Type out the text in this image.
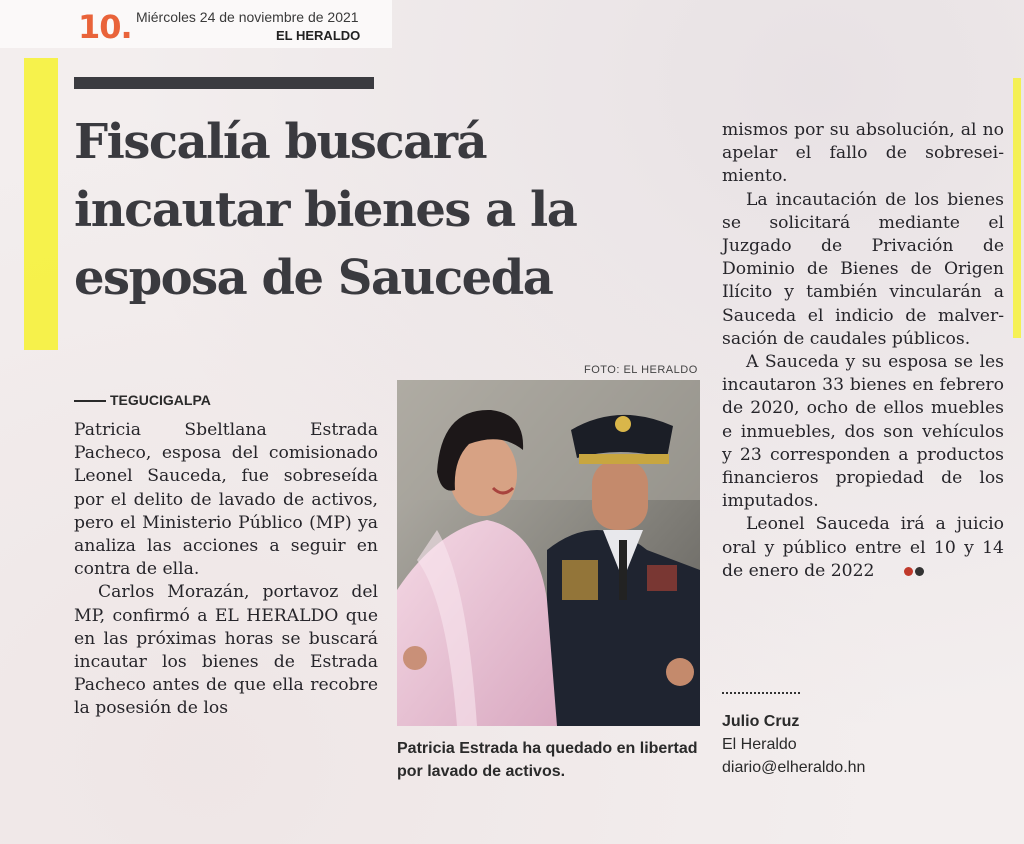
10. Miércoles 24 de noviembre de 2021
EL HERALDO
Fiscalía buscará
incautar bienes a la
esposa de Sauceda
TEGUCIGALPA

Patricia Sbeltlana Estrada Pacheco, esposa del comisionado Leonel Sauceda, fue sobreseída por el delito de lavado de activos, pero el Ministerio Público (MP) ya analiza las acciones a seguir en contra de ella.

Carlos Morazán, portavoz del MP, confirmó a EL HERALDO que en las próximas horas se buscará incautar los bienes de Estrada Pacheco antes de que ella recobre la posesión de los

FOTO: EL HERALDO
Patricia Estrada ha quedado en libertad por lavado de activos.

mismos por su absolución, al no apelar el fallo de sobreseimiento.

La incautación de los bienes se solicitará mediante el Juzgado de Privación de Dominio de Bienes de Origen Ilícito y también vincularán a Sauceda el indicio de malversación de caudales públicos.

A Sauceda y su esposa se les incautaron 33 bienes en febrero de 2020, ocho de ellos muebles e inmuebles, dos son vehículos y 23 corresponden a productos financieros propiedad de los imputados.

Leonel Sauceda irá a juicio oral y público entre el 10 y 14 de enero de 2022

Julio Cruz
El Heraldo
diario@elheraldo.hn
